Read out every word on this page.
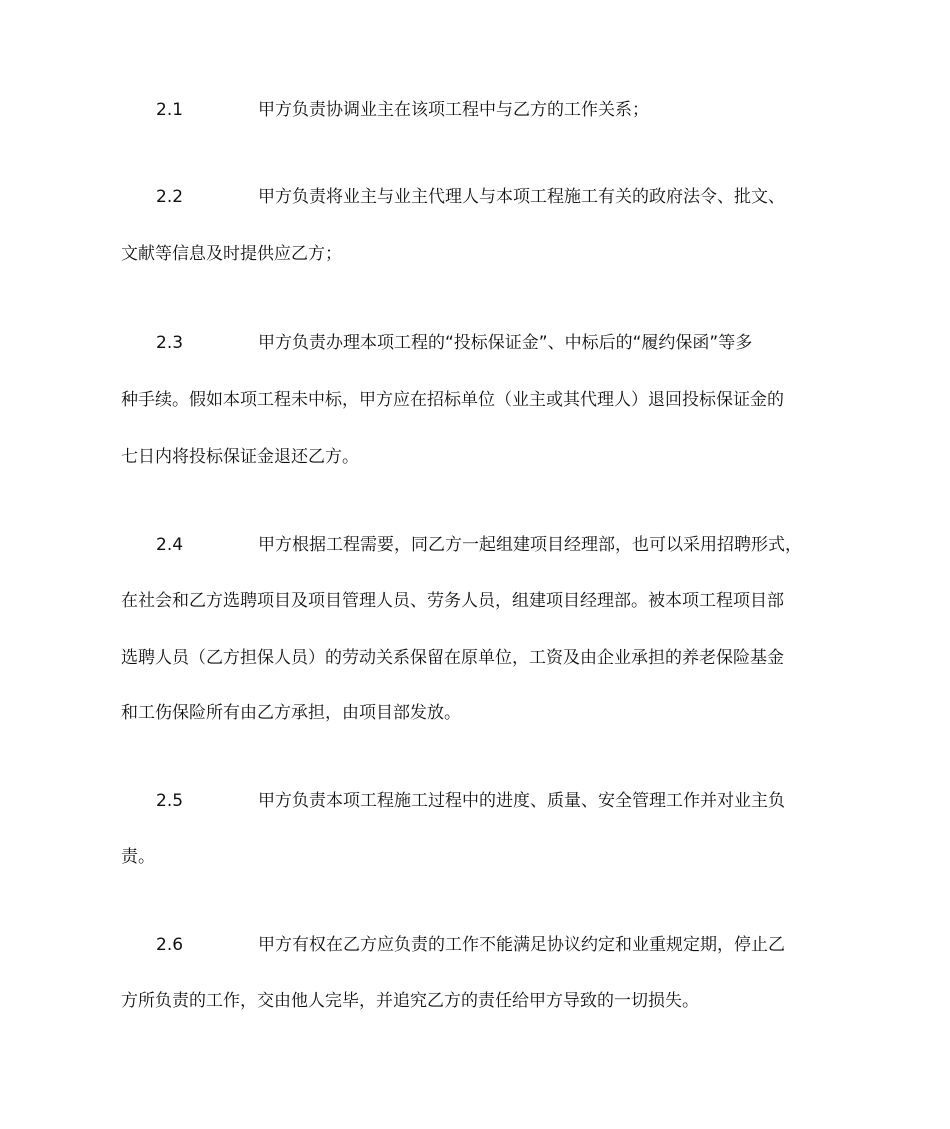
2.1	甲方负责协调业主在该项工程中与乙方的工作关系；
2.2	甲方负责将业主与业主代理人与本项工程施工有关的政府法令、批文、
文献等信息及时提供应乙方；
2.3	甲方负责办理本项工程的“投标保证金”、中标后的“履约保函”等多
种手续。假如本项工程未中标，甲方应在招标单位（业主或其代理人）退回投标保证金的
七日内将投标保证金退还乙方。
2.4	甲方根据工程需要，同乙方一起组建项目经理部，也可以采用招聘形式，
在社会和乙方选聘项目及项目管理人员、劳务人员，组建项目经理部。被本项工程项目部
选聘人员（乙方担保人员）的劳动关系保留在原单位，工资及由企业承担的养老保险基金
和工伤保险所有由乙方承担，由项目部发放。
2.5	甲方负责本项工程施工过程中的进度、质量、安全管理工作并对业主负
责。
2.6	甲方有权在乙方应负责的工作不能满足协议约定和业重规定期，停止乙
方所负责的工作，交由他人完毕，并追究乙方的责任给甲方导致的一切损失。
